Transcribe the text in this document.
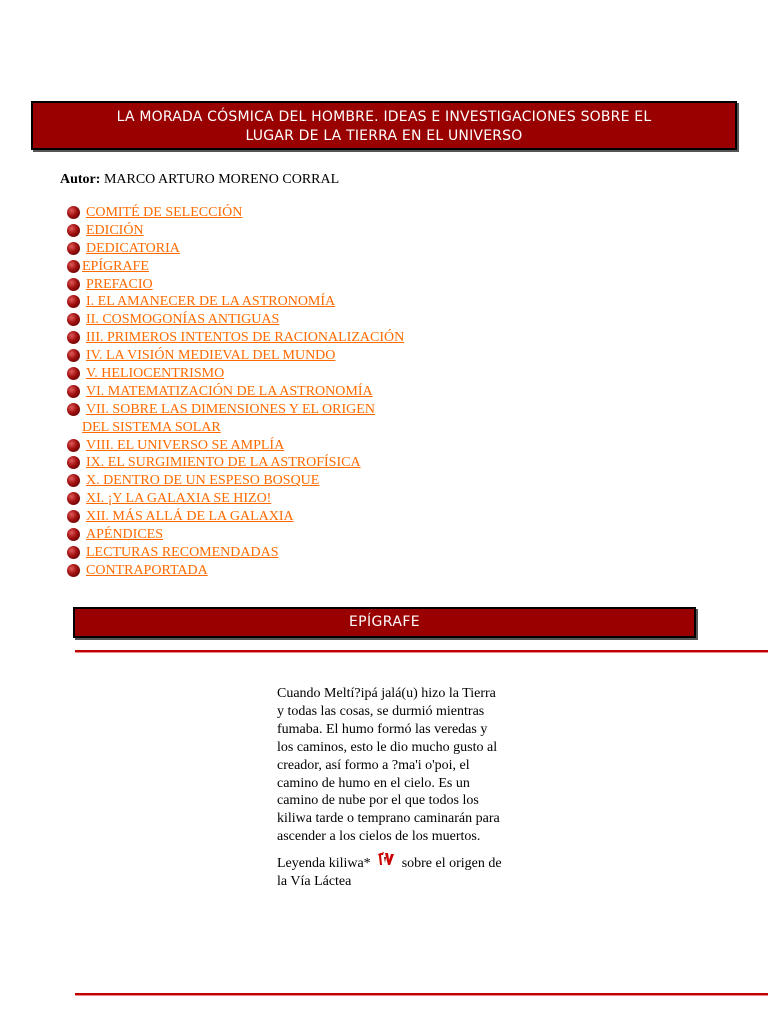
LA MORADA CÓSMICA DEL HOMBRE. IDEAS E INVESTIGACIONES SOBRE EL
LUGAR DE LA TIERRA EN EL UNIVERSO
Autor: MARCO ARTURO MORENO CORRAL
COMITÉ DE SELECCIÓN
EDICIÓN
DEDICATORIA
EPÍGRAFE
PREFACIO
I. EL AMANECER DE LA ASTRONOMÍA
II. COSMOGONÍAS ANTIGUAS
III. PRIMEROS INTENTOS DE RACIONALIZACIÓN
IV. LA VISIÓN MEDIEVAL DEL MUNDO
V. HELIOCENTRISMO
VI. MATEMATIZACIÓN DE LA ASTRONOMÍA
VII. SOBRE LAS DIMENSIONES Y EL ORIGEN
DEL SISTEMA SOLAR
VIII. EL UNIVERSO SE AMPLÍA
IX. EL SURGIMIENTO DE LA ASTROFÍSICA
X. DENTRO DE UN ESPESO BOSQUE
XI. ¡Y LA GALAXIA SE HIZO!
XII. MÁS ALLÁ DE LA GALAXIA
APÉNDICES
LECTURAS RECOMENDADAS
CONTRAPORTADA
EPÍGRAFE

Cuando Meltí?ipá jalá(u) hizo la Tierra y todas las cosas, se durmió mientras fumaba. El humo formó las veredas y los caminos, esto le dio mucho gusto al creador, así formo a ?ma'i o'poi, el camino de humo en el cielo. Es un camino de nube por el que todos los kiliwa tarde o temprano caminarán para ascender a los cielos de los muertos.

Leyenda kiliwa* sobre el origen de la Vía Láctea
